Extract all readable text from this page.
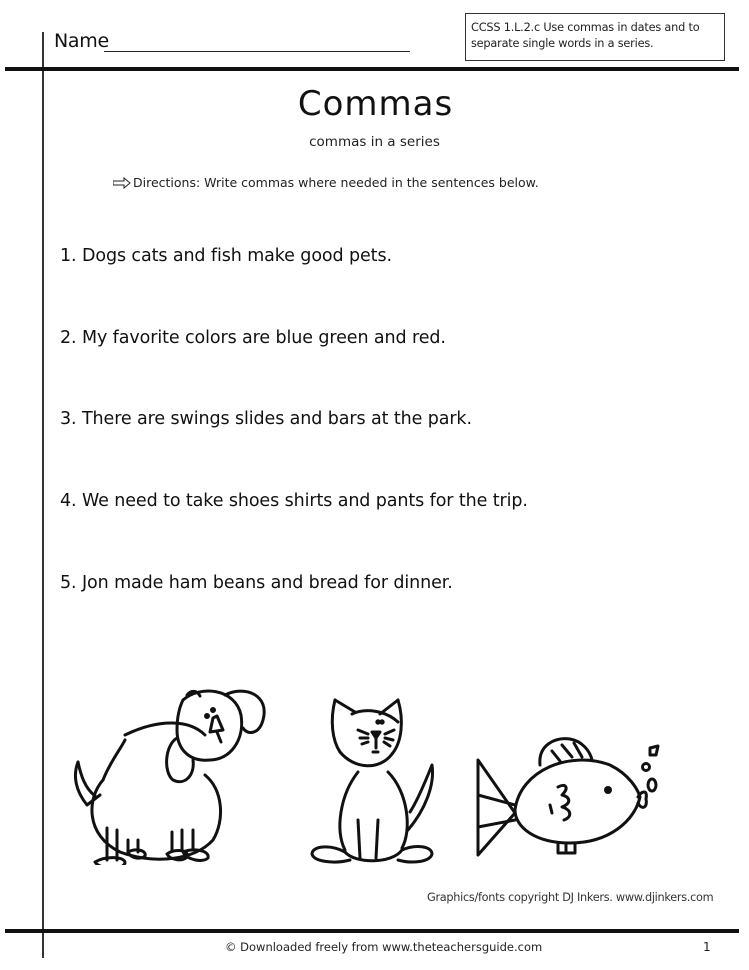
Name
CCSS 1.L.2.c Use commas in dates and to separate single words in a series.
Commas
commas in a series
Directions: Write commas where needed in the sentences below.
1. Dogs cats and fish make good pets.
2. My favorite colors are blue green and red.
3. There are swings slides and bars at the park.
4. We need to take shoes shirts and pants for the trip.
5. Jon made ham beans and bread for dinner.
Graphics/fonts copyright DJ Inkers. www.djinkers.com
© Downloaded freely from www.theteachersguide.com	1
